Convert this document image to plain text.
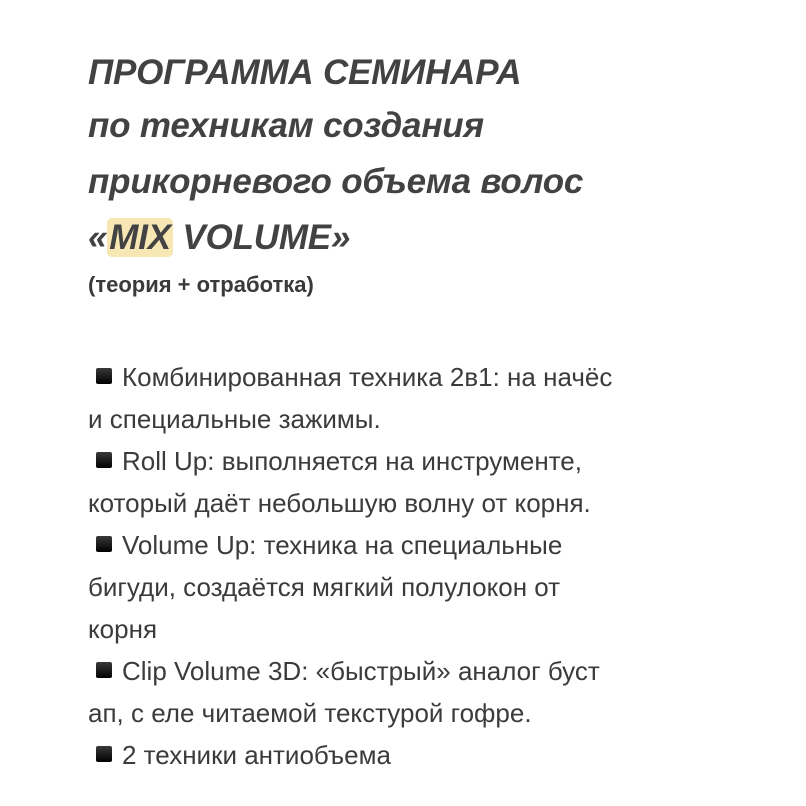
ПРОГРАММА СЕМИНАРА
по техникам создания
прикорневого объема волос
«MIX VOLUME»
(теория + отработка)
Комбинированная техника 2в1: на начёс
и специальные зажимы.
Roll Up: выполняется на инструменте,
который даёт небольшую волну от корня.
Volume Up: техника на специальные
бигуди, создаётся мягкий полулокон от
корня
Clip Volume 3D: «быстрый» аналог буст
ап, с еле читаемой текстурой гофре.
2 техники антиобъема
